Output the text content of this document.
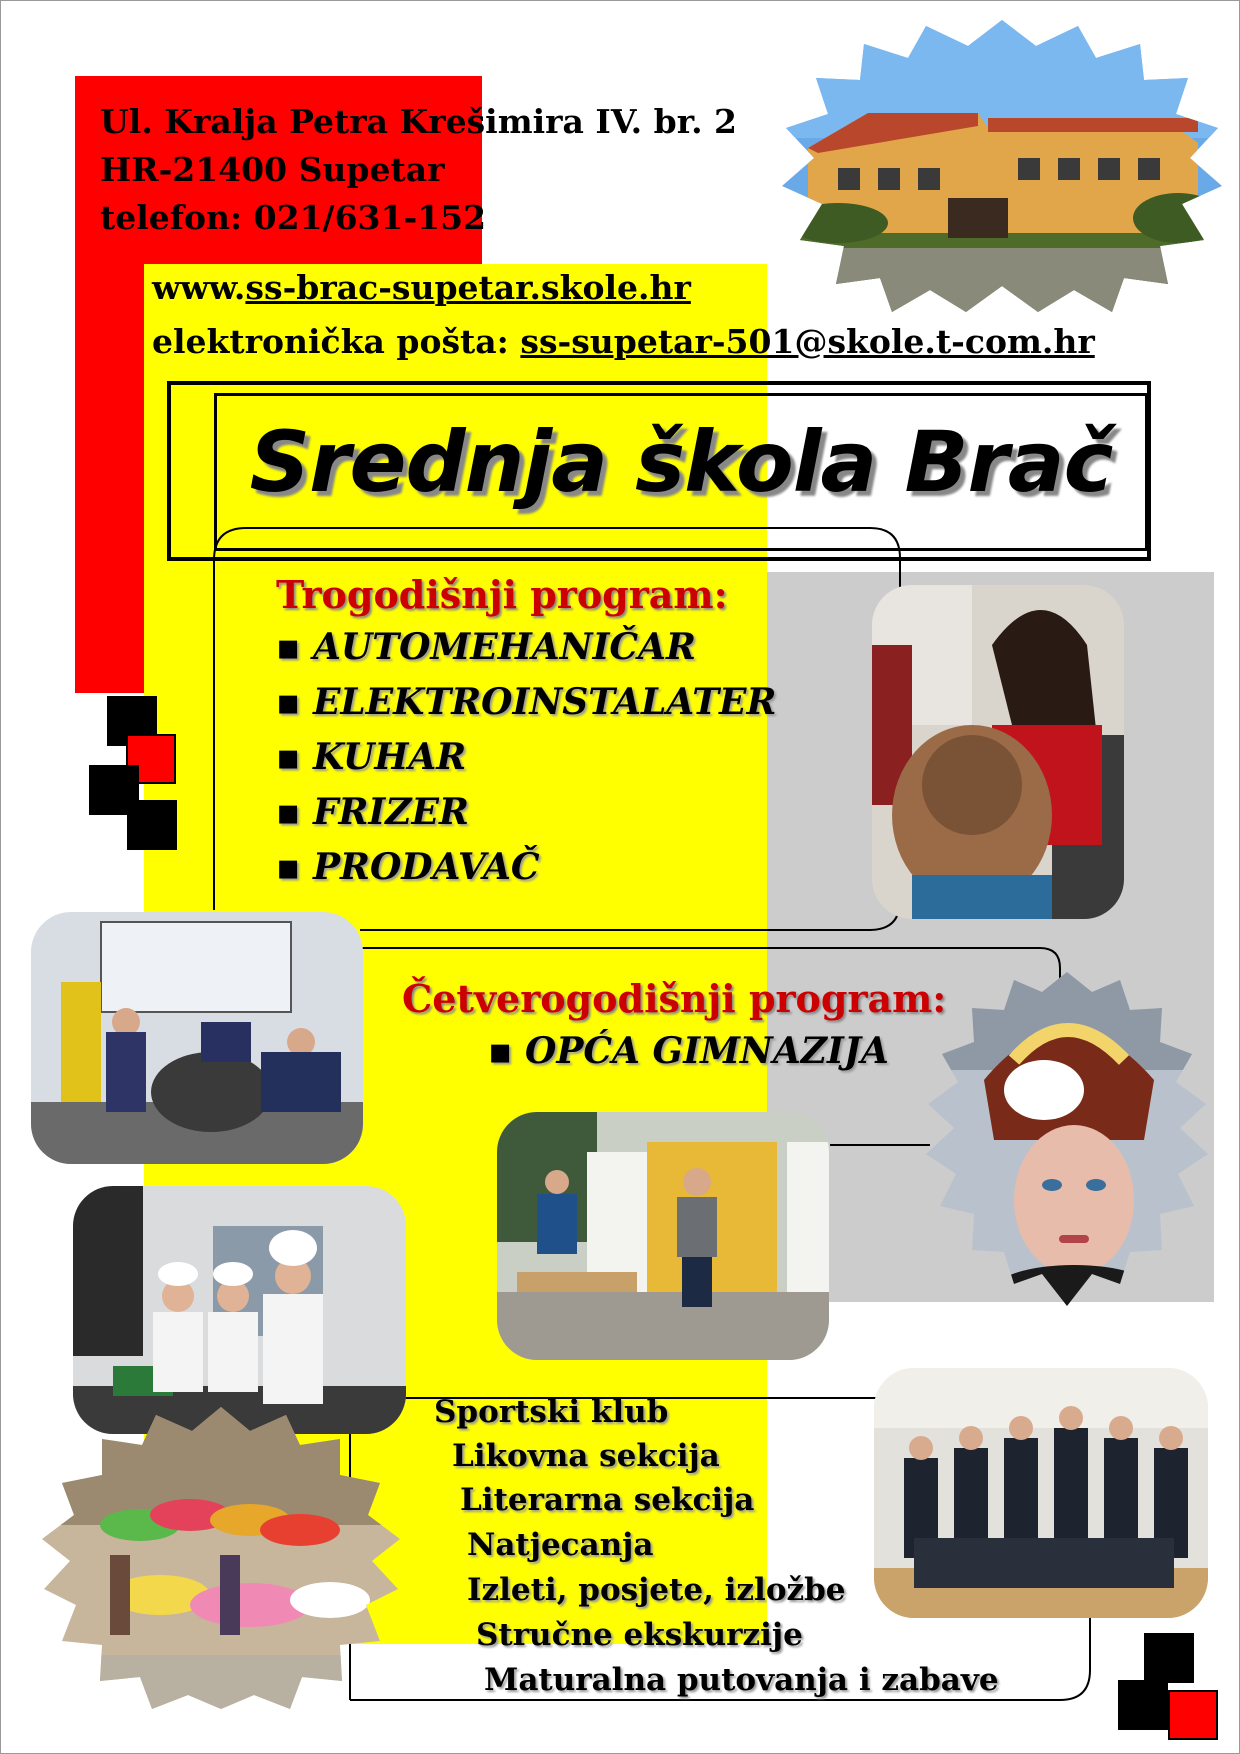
Ul. Kralja Petra Krešimira IV. br. 2
HR-21400 Supetar
telefon: 021/631-152
www.ss-brac-supetar.skole.hr
elektronička pošta: ss-supetar-501@skole.t-com.hr
Srednja škola Brač
Trogodišnji program:
▪ AUTOMEHANIČAR
▪ ELEKTROINSTALATER
▪ KUHAR
▪ FRIZER
▪ PRODAVAČ
Četverogodišnji program:
▪ OPĆA GIMNAZIJA
Sportski klub
Likovna sekcija
Literarna sekcija
Natjecanja
Izleti, posjete, izložbe
Stručne ekskurzije
Maturalna putovanja i zabave
